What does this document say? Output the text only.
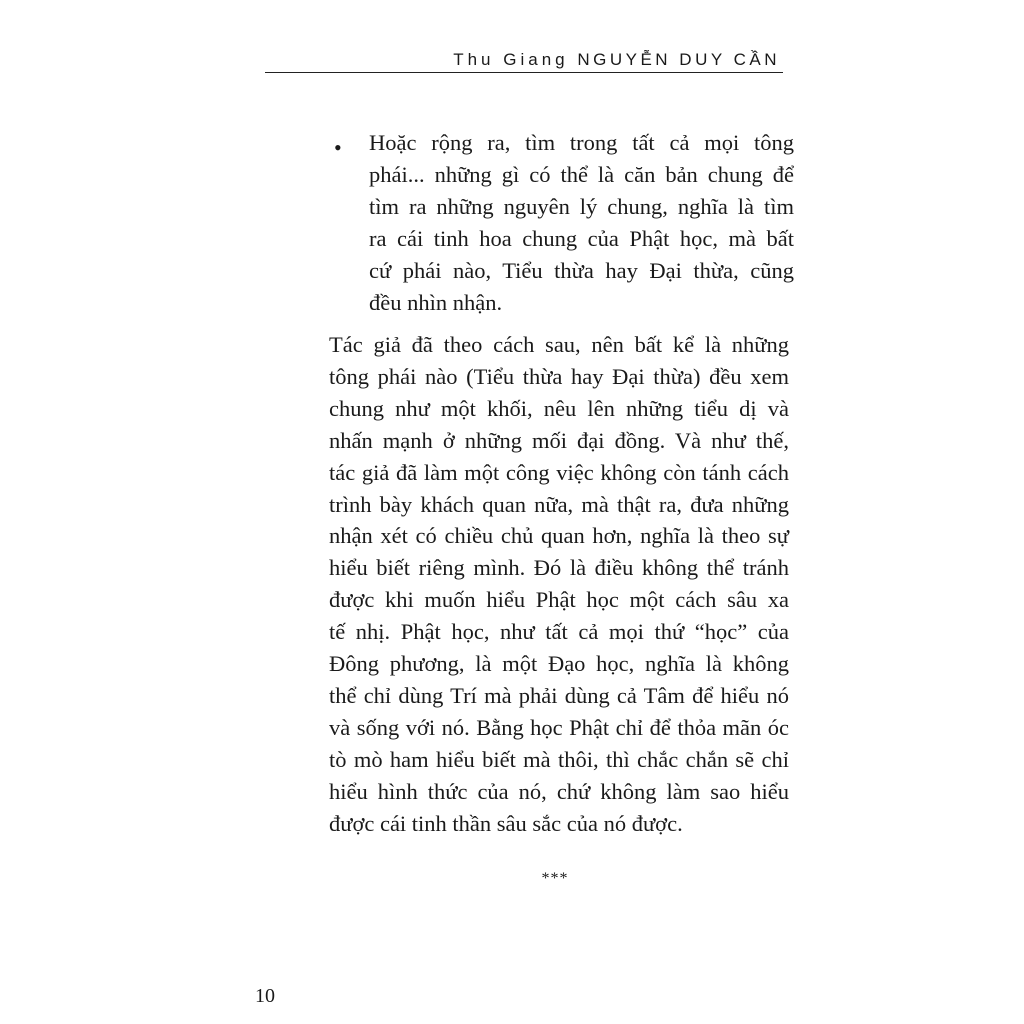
Thu Giang NGUYỄN DUY CẦN
• Hoặc rộng ra, tìm trong tất cả mọi tông
phái... những gì có thể là căn bản chung để
tìm ra những nguyên lý chung, nghĩa là tìm
ra cái tinh hoa chung của Phật học, mà bất
cứ phái nào, Tiểu thừa hay Đại thừa, cũng
đều nhìn nhận.
Tác giả đã theo cách sau, nên bất kể là những
tông phái nào (Tiểu thừa hay Đại thừa) đều xem
chung như một khối, nêu lên những tiểu dị và
nhấn mạnh ở những mối đại đồng. Và như thế,
tác giả đã làm một công việc không còn tánh cách
trình bày khách quan nữa, mà thật ra, đưa những
nhận xét có chiều chủ quan hơn, nghĩa là theo sự
hiểu biết riêng mình. Đó là điều không thể tránh
được khi muốn hiểu Phật học một cách sâu xa
tế nhị. Phật học, như tất cả mọi thứ “học” của
Đông phương, là một Đạo học, nghĩa là không
thể chỉ dùng Trí mà phải dùng cả Tâm để hiểu nó
và sống với nó. Bằng học Phật chỉ để thỏa mãn óc
tò mò ham hiểu biết mà thôi, thì chắc chắn sẽ chỉ
hiểu hình thức của nó, chứ không làm sao hiểu
được cái tinh thần sâu sắc của nó được.
***
10
